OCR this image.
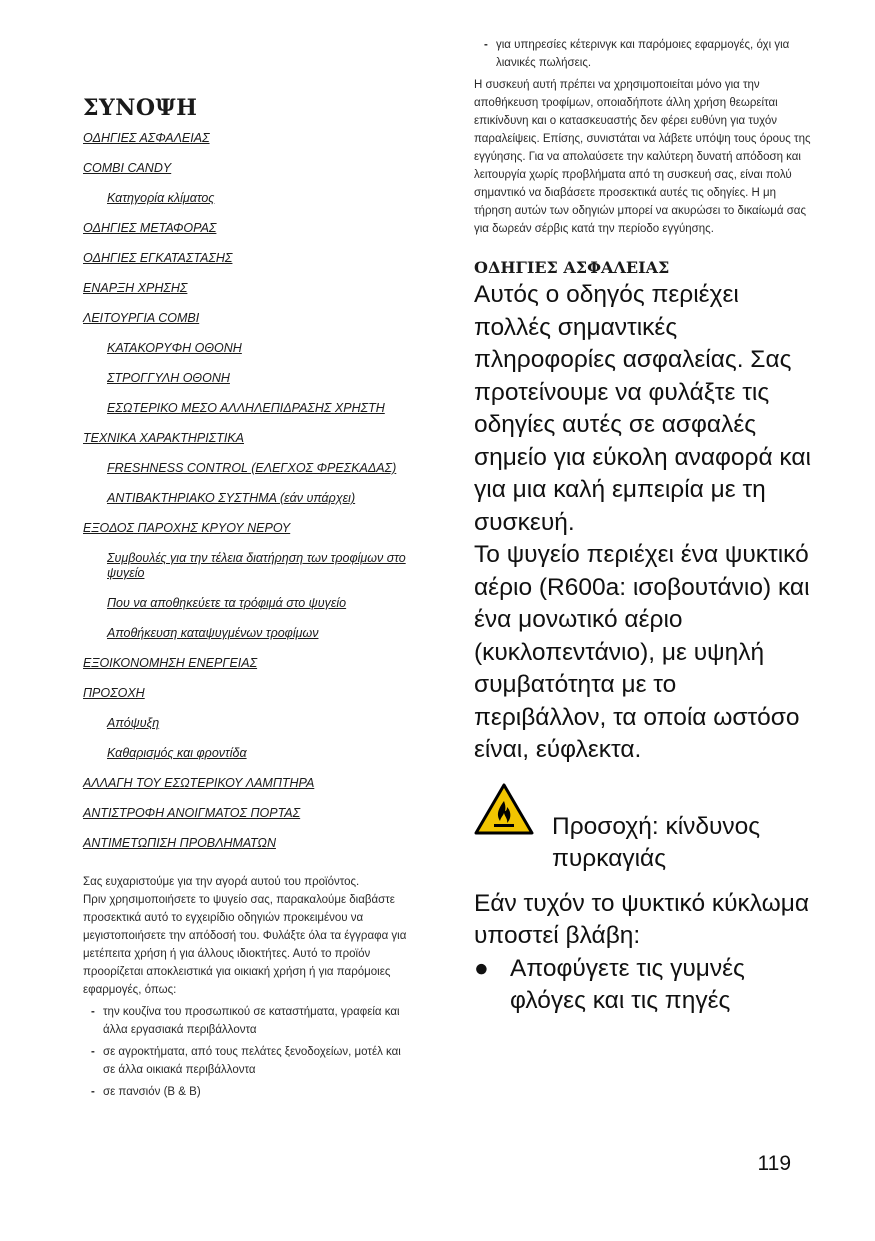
ΣΥΝΟΨΗ
ΟΔΗΓΙΕΣ ΑΣΦΑΛΕΙΑΣ
COMBI CANDY
Κατηγορία κλίματος
ΟΔΗΓΙΕΣ ΜΕΤΑΦΟΡΑΣ
ΟΔΗΓΙΕΣ ΕΓΚΑΤΑΣΤΑΣΗΣ
ΕΝΑΡΞΗ ΧΡΗΣΗΣ
ΛΕΙΤΟΥΡΓΙΑ COMBI
ΚΑΤΑΚΟΡΥΦΗ ΟΘΟΝΗ
ΣΤΡΟΓΓΥΛΗ ΟΘΟΝΗ
ΕΣΩΤΕΡΙΚΟ ΜΕΣΟ ΑΛΛΗΛΕΠΙΔΡΑΣΗΣ ΧΡΗΣΤΗ
ΤΕΧΝΙΚΑ ΧΑΡΑΚΤΗΡΙΣΤΙΚΑ
FRESHNESS CONTROL (ΕΛΕΓΧΟΣ ΦΡΕΣΚΑΔΑΣ)
ΑΝΤΙΒΑΚΤΗΡΙΑΚΟ ΣΥΣΤΗΜΑ (εάν υπάρχει)
ΕΞΟΔΟΣ ΠΑΡΟΧΗΣ ΚΡΥΟΥ ΝΕΡΟΥ
Συμβουλές για την τέλεια διατήρηση των τροφίμων στο ψυγείο
Που να αποθηκεύετε τα τρόφιμά στο ψυγείο
Αποθήκευση καταψυγμένων τροφίμων
ΕΞΟΙΚΟΝΟΜΗΣΗ ΕΝΕΡΓΕΙΑΣ
ΠΡΟΣΟΧΗ
Απόψυξη
Καθαρισμός και φροντίδα
ΑΛΛΑΓΗ ΤΟΥ ΕΣΩΤΕΡΙΚΟΥ ΛΑΜΠΤΗΡΑ
ΑΝΤΙΣΤΡΟΦΗ ΑΝΟΙΓΜΑΤΟΣ ΠΟΡΤΑΣ
ΑΝΤΙΜΕΤΩΠΙΣΗ ΠΡΟΒΛΗΜΑΤΩΝ
Σας ευχαριστούμε για την αγορά αυτού του προϊόντος.
Πριν χρησιμοποιήσετε το ψυγείο σας, παρακαλούμε διαβάστε προσεκτικά αυτό το εγχειρίδιο οδηγιών προκειμένου να μεγιστοποιήσετε την απόδοσή του. Φυλάξτε όλα τα έγγραφα για μετέπειτα χρήση ή για άλλους ιδιοκτήτες. Αυτό το προϊόν προορίζεται αποκλειστικά για οικιακή χρήση ή για παρόμοιες εφαρμογές, όπως:
- την κουζίνα του προσωπικού σε καταστήματα, γραφεία και άλλα εργασιακά περιβάλλοντα
- σε αγροκτήματα, από τους πελάτες ξενοδοχείων, μοτέλ και σε άλλα οικιακά περιβάλλοντα
- σε πανσιόν (B & B)
- για υπηρεσίες κέτερινγκ και παρόμοιες εφαρμογές, όχι για λιανικές πωλήσεις.
Η συσκευή αυτή πρέπει να χρησιμοποιείται μόνο για την αποθήκευση τροφίμων, οποιαδήποτε άλλη χρήση θεωρείται επικίνδυνη και ο κατασκευαστής δεν φέρει ευθύνη για τυχόν παραλείψεις. Επίσης, συνιστάται να λάβετε υπόψη τους όρους της εγγύησης. Για να απολαύσετε την καλύτερη δυνατή απόδοση και λειτουργία χωρίς προβλήματα από τη συσκευή σας, είναι πολύ σημαντικό να διαβάσετε προσεκτικά αυτές τις οδηγίες. Η μη τήρηση αυτών των οδηγιών μπορεί να ακυρώσει το δικαίωμά σας για δωρεάν σέρβις κατά την περίοδο εγγύησης.
ΟΔΗΓΙΕΣ ΑΣΦΑΛΕΙΑΣ
Αυτός ο οδηγός περιέχει πολλές σημαντικές πληροφορίες ασφαλείας. Σας προτείνουμε να φυλάξτε τις οδηγίες αυτές σε ασφαλές σημείο για εύκολη αναφορά και για μια καλή εμπειρία με τη συσκευή.
Το ψυγείο περιέχει ένα ψυκτικό αέριο (R600a: ισοβουτάνιο) και ένα μονωτικό αέριο (κυκλοπεντάνιο), με υψηλή συμβατότητα με το περιβάλλον, τα οποία ωστόσο είναι, εύφλεκτα.
Προσοχή: κίνδυνος πυρκαγιάς
Εάν τυχόν το ψυκτικό κύκλωμα υποστεί βλάβη:
● Αποφύγετε τις γυμνές φλόγες και τις πηγές
119
